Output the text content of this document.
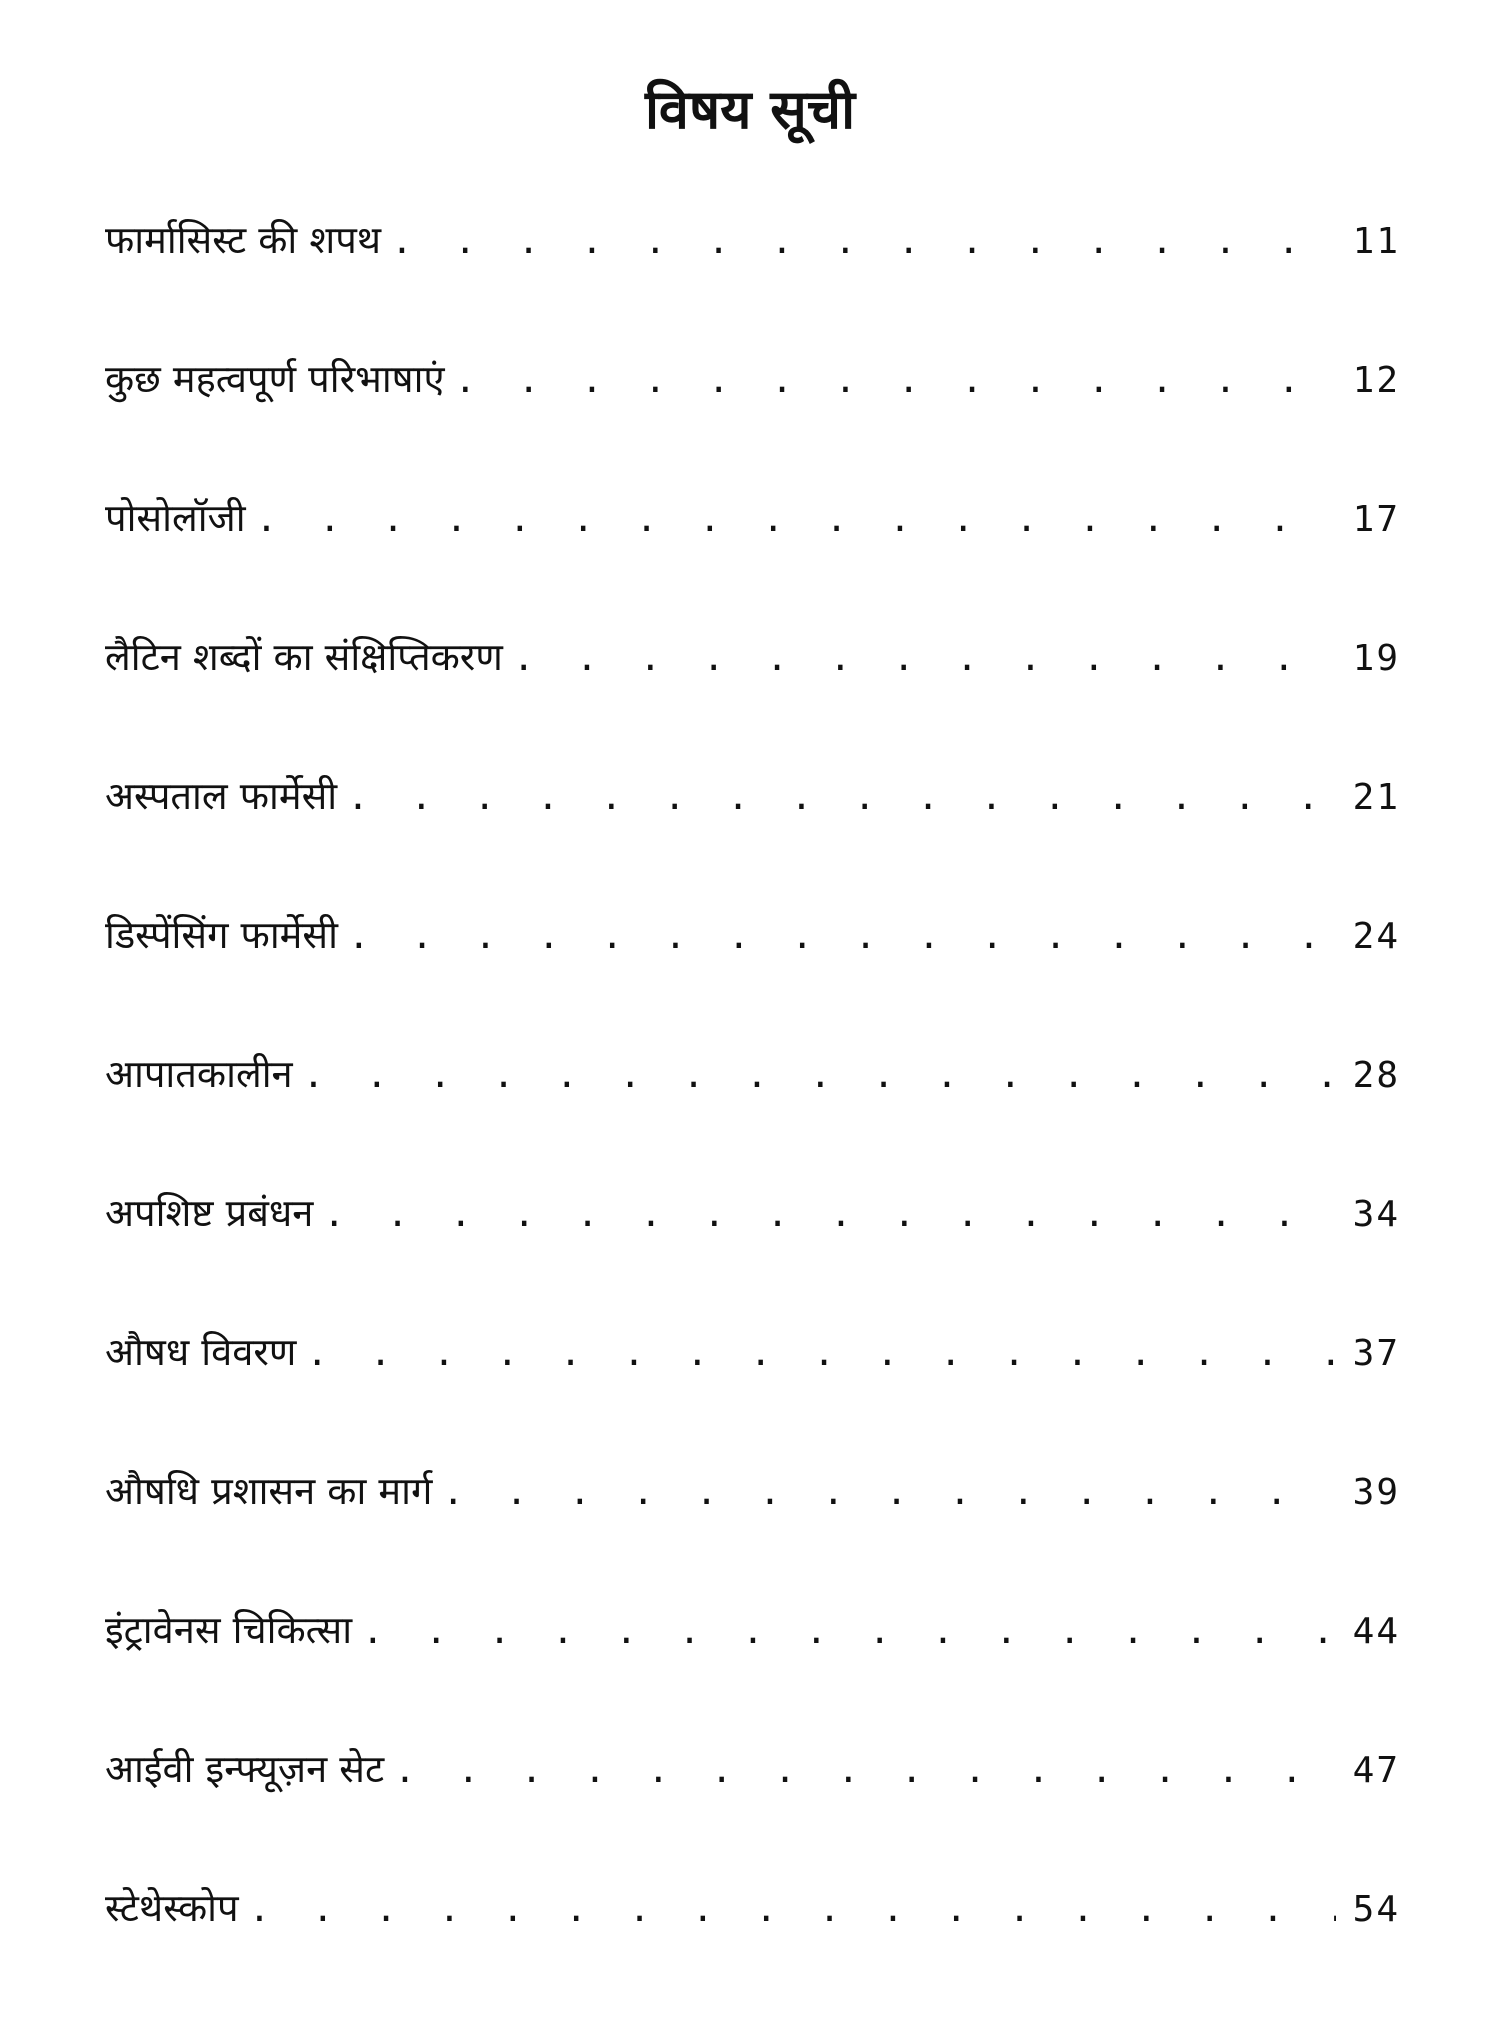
विषय सूची
फार्मासिस्ट की शपथ . . .	11
कुछ महत्वपूर्ण परिभाषाएं . . .	12
पोसोलॉजी . . .	17
लैटिन शब्दों का संक्षिप्तिकरण . . .	19
अस्पताल फार्मेसी . . .	21
डिस्पेंसिंग फार्मेसी . . .	24
आपातकालीन . . .	28
अपशिष्ट प्रबंधन . . .	34
औषध विवरण . . .	37
औषधि प्रशासन का मार्ग . . .	39
इंट्रावेनस चिकित्सा . . .	44
आईवी इन्फ्यूज़न सेट . . .	47
स्टेथेस्कोप . . .	54
